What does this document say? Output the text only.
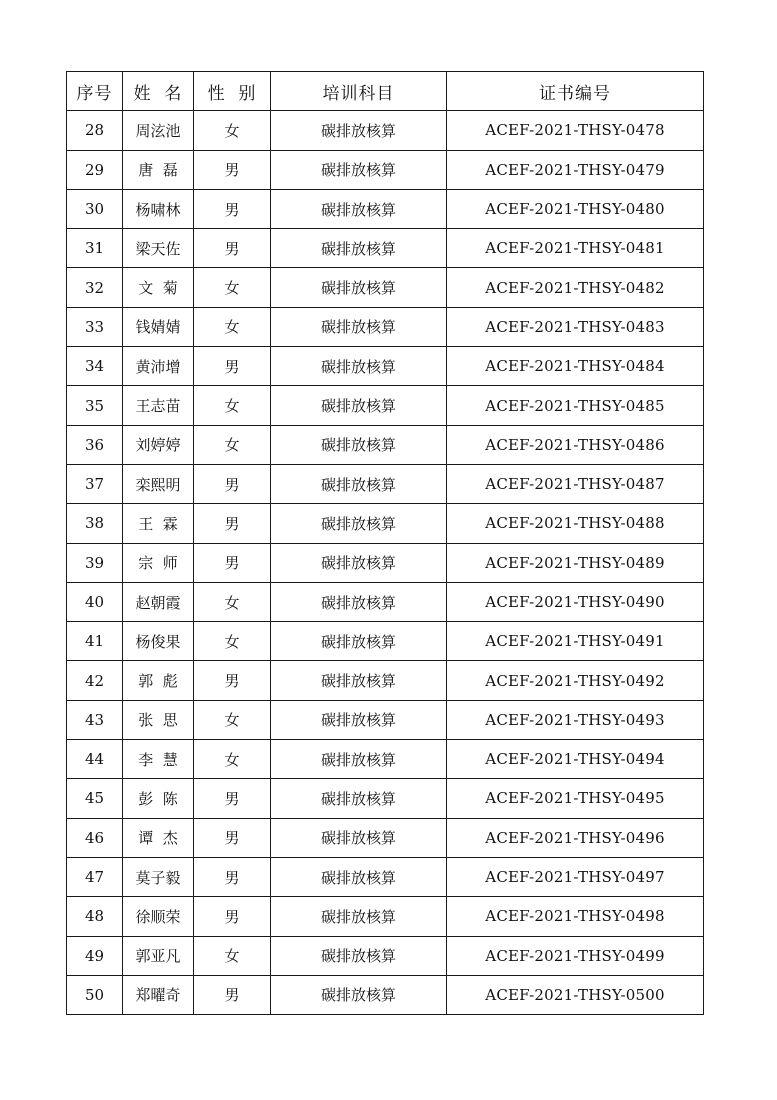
序号	姓  名	性  别	培训科目	证书编号
28	周泫池	女	碳排放核算	ACEF-2021-THSY-0478
29	唐  磊	男	碳排放核算	ACEF-2021-THSY-0479
30	杨啸林	男	碳排放核算	ACEF-2021-THSY-0480
31	梁天佐	男	碳排放核算	ACEF-2021-THSY-0481
32	文  菊	女	碳排放核算	ACEF-2021-THSY-0482
33	钱婧婧	女	碳排放核算	ACEF-2021-THSY-0483
34	黄沛增	男	碳排放核算	ACEF-2021-THSY-0484
35	王志苗	女	碳排放核算	ACEF-2021-THSY-0485
36	刘婷婷	女	碳排放核算	ACEF-2021-THSY-0486
37	栾熙明	男	碳排放核算	ACEF-2021-THSY-0487
38	王  霖	男	碳排放核算	ACEF-2021-THSY-0488
39	宗  师	男	碳排放核算	ACEF-2021-THSY-0489
40	赵朝霞	女	碳排放核算	ACEF-2021-THSY-0490
41	杨俊果	女	碳排放核算	ACEF-2021-THSY-0491
42	郭  彪	男	碳排放核算	ACEF-2021-THSY-0492
43	张  思	女	碳排放核算	ACEF-2021-THSY-0493
44	李  慧	女	碳排放核算	ACEF-2021-THSY-0494
45	彭  陈	男	碳排放核算	ACEF-2021-THSY-0495
46	谭  杰	男	碳排放核算	ACEF-2021-THSY-0496
47	莫子毅	男	碳排放核算	ACEF-2021-THSY-0497
48	徐顺荣	男	碳排放核算	ACEF-2021-THSY-0498
49	郭亚凡	女	碳排放核算	ACEF-2021-THSY-0499
50	郑曜奇	男	碳排放核算	ACEF-2021-THSY-0500
